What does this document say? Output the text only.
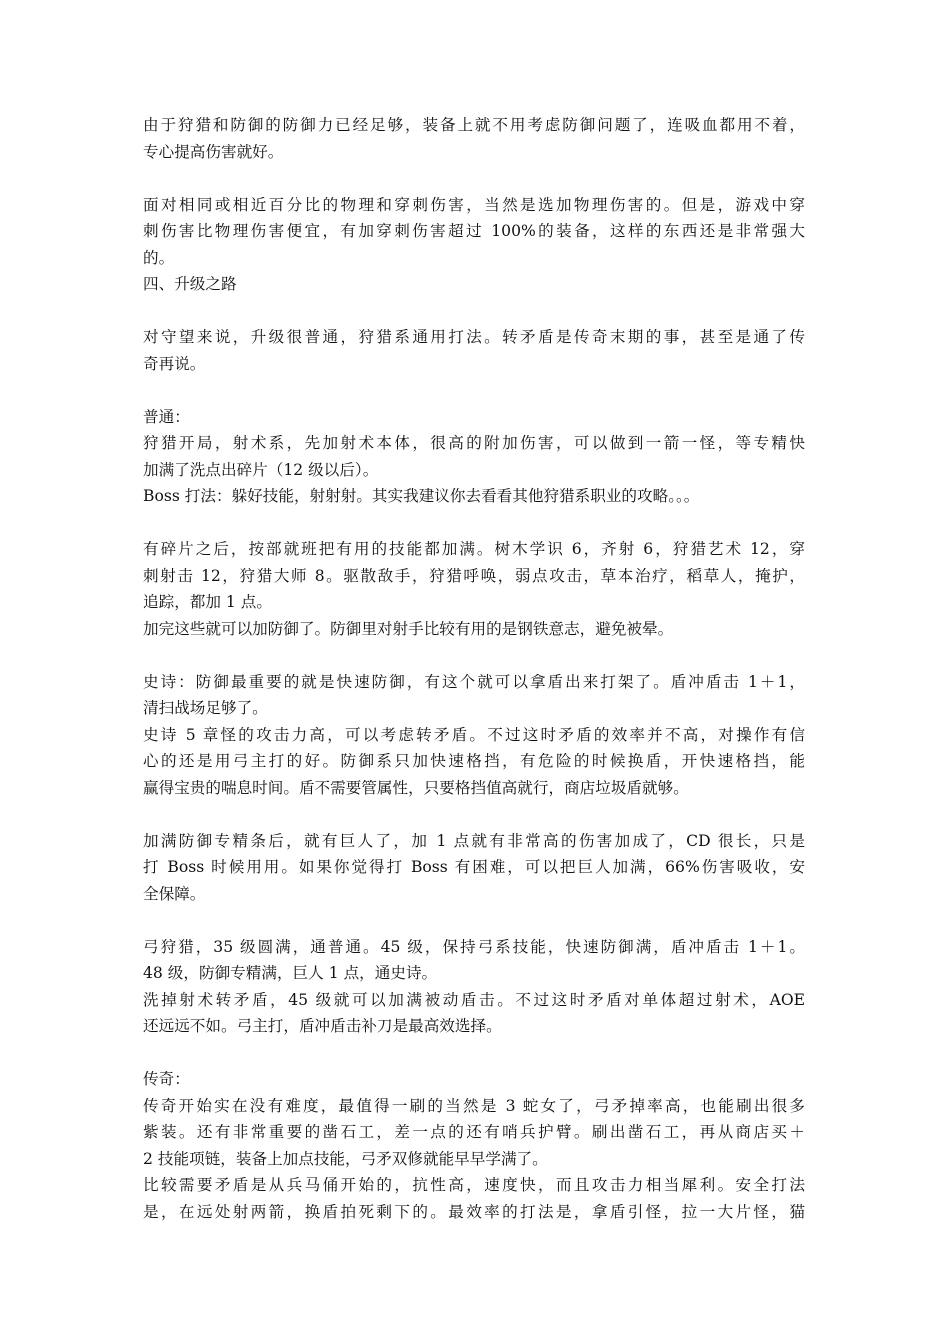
由于狩猎和防御的防御力已经足够，装备上就不用考虑防御问题了，连吸血都用不着，
专心提高伤害就好。
面对相同或相近百分比的物理和穿刺伤害，当然是选加物理伤害的。但是，游戏中穿
刺伤害比物理伤害便宜，有加穿刺伤害超过 100%的装备，这样的东西还是非常强大
的。
四、升级之路
对守望来说，升级很普通，狩猎系通用打法。转矛盾是传奇末期的事，甚至是通了传
奇再说。
普通：
狩猎开局，射术系，先加射术本体，很高的附加伤害，可以做到一箭一怪，等专精快
加满了洗点出碎片（12 级以后）。
Boss 打法：躲好技能，射射射。其实我建议你去看看其他狩猎系职业的攻略。。。
有碎片之后，按部就班把有用的技能都加满。树木学识 6，齐射 6，狩猎艺术 12，穿
刺射击 12，狩猎大师 8。驱散敌手，狩猎呼唤，弱点攻击，草本治疗，稻草人，掩护，
追踪，都加 1 点。
加完这些就可以加防御了。防御里对射手比较有用的是钢铁意志，避免被晕。
史诗：防御最重要的就是快速防御，有这个就可以拿盾出来打架了。盾冲盾击 1＋1，
清扫战场足够了。
史诗 5 章怪的攻击力高，可以考虑转矛盾。不过这时矛盾的效率并不高，对操作有信
心的还是用弓主打的好。防御系只加快速格挡，有危险的时候换盾，开快速格挡，能
赢得宝贵的喘息时间。盾不需要管属性，只要格挡值高就行，商店垃圾盾就够。
加满防御专精条后，就有巨人了，加 1 点就有非常高的伤害加成了，CD 很长，只是
打 Boss 时候用用。如果你觉得打 Boss 有困难，可以把巨人加满，66%伤害吸收，安
全保障。
弓狩猎，35 级圆满，通普通。45 级，保持弓系技能，快速防御满，盾冲盾击 1＋1。
48 级，防御专精满，巨人 1 点，通史诗。
洗掉射术转矛盾，45 级就可以加满被动盾击。不过这时矛盾对单体超过射术，AOE
还远远不如。弓主打，盾冲盾击补刀是最高效选择。
传奇：
传奇开始实在没有难度，最值得一刷的当然是 3 蛇女了，弓矛掉率高，也能刷出很多
紫装。还有非常重要的凿石工，差一点的还有哨兵护臂。刷出凿石工，再从商店买＋
2 技能项链，装备上加点技能，弓矛双修就能早早学满了。
比较需要矛盾是从兵马俑开始的，抗性高，速度快，而且攻击力相当犀利。安全打法
是，在远处射两箭，换盾拍死剩下的。最效率的打法是，拿盾引怪，拉一大片怪，猫
